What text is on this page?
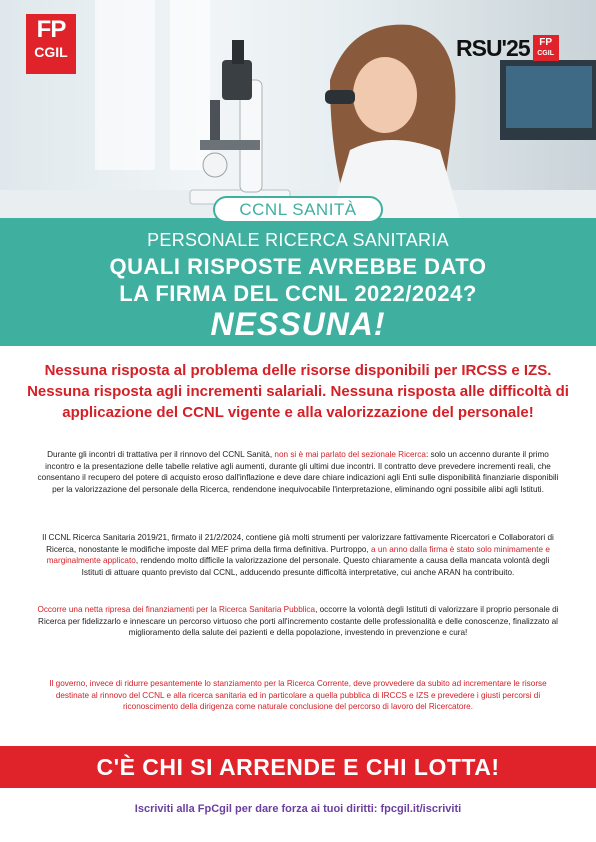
FP
CGIL	RSU'25 FP
CGIL
CCNL SANITÀ
PERSONALE RICERCA SANITARIA
QUALI RISPOSTE AVREBBE DATO
LA FIRMA DEL CCNL 2022/2024?
NESSUNA!
Nessuna risposta al problema delle risorse disponibili per IRCSS e IZS. Nessuna risposta agli incrementi salariali. Nessuna risposta alle difficoltà di applicazione del CCNL vigente e alla valorizzazione del personale!
Durante gli incontri di trattativa per il rinnovo del CCNL Sanità, non si è mai parlato del sezionale Ricerca: solo un accenno durante il primo incontro e la presentazione delle tabelle relative agli aumenti, durante gli ultimi due incontri. Il contratto deve prevedere incrementi reali, che consentano il recupero del potere di acquisto eroso dall'inflazione e deve dare chiare indicazioni agli Enti sulle disponibilità finanziarie disponibili per la valorizzazione del personale della Ricerca, rendendone inequivocabile l'interpretazione, eliminando ogni possibile alibi agli Istituti.
Il CCNL Ricerca Sanitaria 2019/21, firmato il 21/2/2024, contiene già molti strumenti per valorizzare fattivamente Ricercatori e Collaboratori di Ricerca, nonostante le modifiche imposte dal MEF prima della firma definitiva. Purtroppo, a un anno dalla firma è stato solo minimamente e marginalmente applicato, rendendo molto difficile la valorizzazione del personale. Questo chiaramente a causa della mancata volontà degli Istituti di attuare quanto previsto dal CCNL, adducendo presunte difficoltà interpretative, cui anche ARAN ha contribuito.
Occorre una netta ripresa dei finanziamenti per la Ricerca Sanitaria Pubblica, occorre la volontà degli Istituti di valorizzare il proprio personale di Ricerca per fidelizzarlo e innescare un percorso virtuoso che porti all'incremento costante delle professionalità e delle conoscenze, finalizzato al miglioramento della salute dei pazienti e della popolazione, investendo in prevenzione e cura!
Il governo, invece di ridurre pesantemente lo stanziamento per la Ricerca Corrente, deve provvedere da subito ad incrementare le risorse destinate al rinnovo del CCNL e alla ricerca sanitaria ed in particolare a quella pubblica di IRCCS e IZS e prevedere i giusti percorsi di riconoscimento della dirigenza come naturale conclusione del percorso di lavoro del Ricercatore.
C'È CHI SI ARRENDE E CHI LOTTA!
Iscriviti alla FpCgil per dare forza ai tuoi diritti: fpcgil.it/iscriviti
